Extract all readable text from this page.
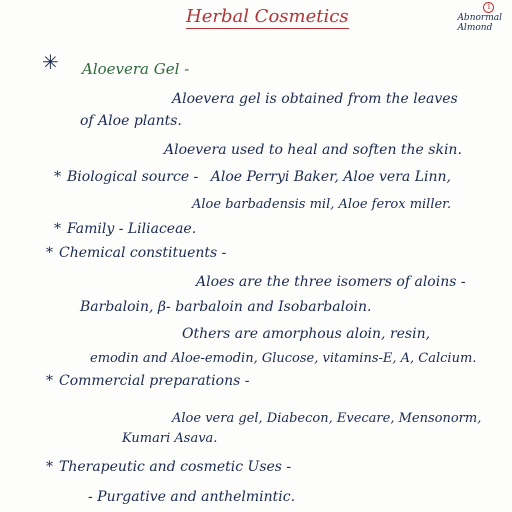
Herbal Cosmetics	1
Abnormal
Almond
✳ Aloevera Gel -
Aloevera gel is obtained from the leaves
of Aloe plants.
Aloevera used to heal and soften the skin.
* Biological source - Aloe Perryi Baker, Aloe vera Linn,
Aloe barbadensis mil, Aloe ferox miller.
* Family - Liliaceae.
* Chemical constituents -
Aloes are the three isomers of aloins -
Barbaloin, β- barbaloin and Isobarbaloin.
Others are amorphous aloin, resin,
emodin and Aloe-emodin, Glucose, vitamins-E, A, Calcium.
* Commercial preparations -
Aloe vera gel, Diabecon, Evecare, Mensonorm,
Kumari Asava.
* Therapeutic and cosmetic Uses -
- Purgative and anthelmintic.
